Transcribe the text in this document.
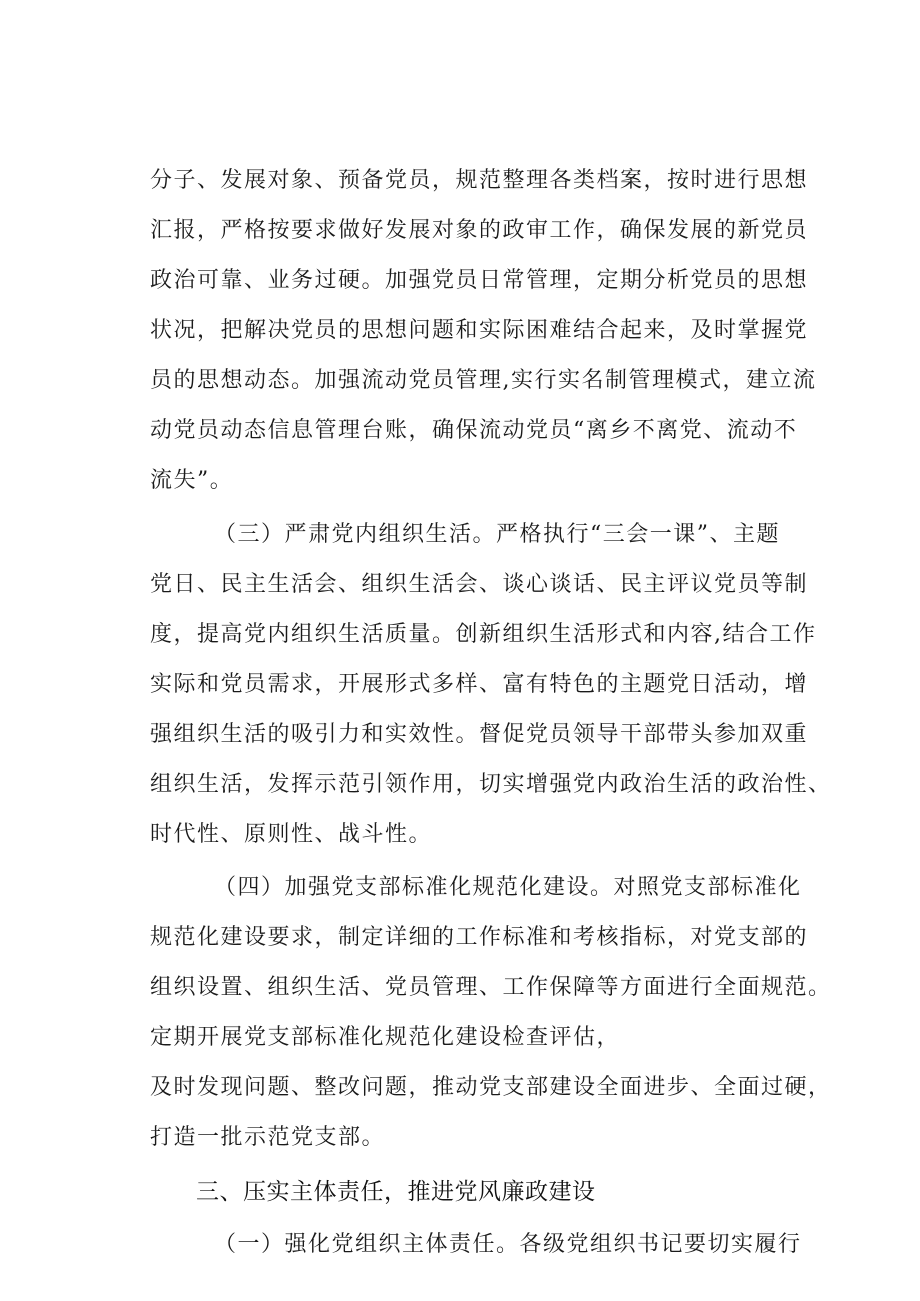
分子、发展对象、预备党员，规范整理各类档案，按时进行思想
汇报，严格按要求做好发展对象的政审工作，确保发展的新党员
政治可靠、业务过硬。加强党员日常管理，定期分析党员的思想
状况，把解决党员的思想问题和实际困难结合起来，及时掌握党
员的思想动态。加强流动党员管理,实行实名制管理模式，建立流
动党员动态信息管理台账，确保流动党员“离乡不离党、流动不
流失”。
（三）严肃党内组织生活。严格执行“三会一课”、主题
党日、民主生活会、组织生活会、谈心谈话、民主评议党员等制
度，提高党内组织生活质量。创新组织生活形式和内容,结合工作
实际和党员需求，开展形式多样、富有特色的主题党日活动，增
强组织生活的吸引力和实效性。督促党员领导干部带头参加双重
组织生活，发挥示范引领作用，切实增强党内政治生活的政治性、
时代性、原则性、战斗性。
（四）加强党支部标准化规范化建设。对照党支部标准化
规范化建设要求，制定详细的工作标准和考核指标，对党支部的
组织设置、组织生活、党员管理、工作保障等方面进行全面规范。
定期开展党支部标准化规范化建设检查评估，
及时发现问题、整改问题，推动党支部建设全面进步、全面过硬，
打造一批示范党支部。
三、压实主体责任，推进党风廉政建设
（一）强化党组织主体责任。各级党组织书记要切实履行
